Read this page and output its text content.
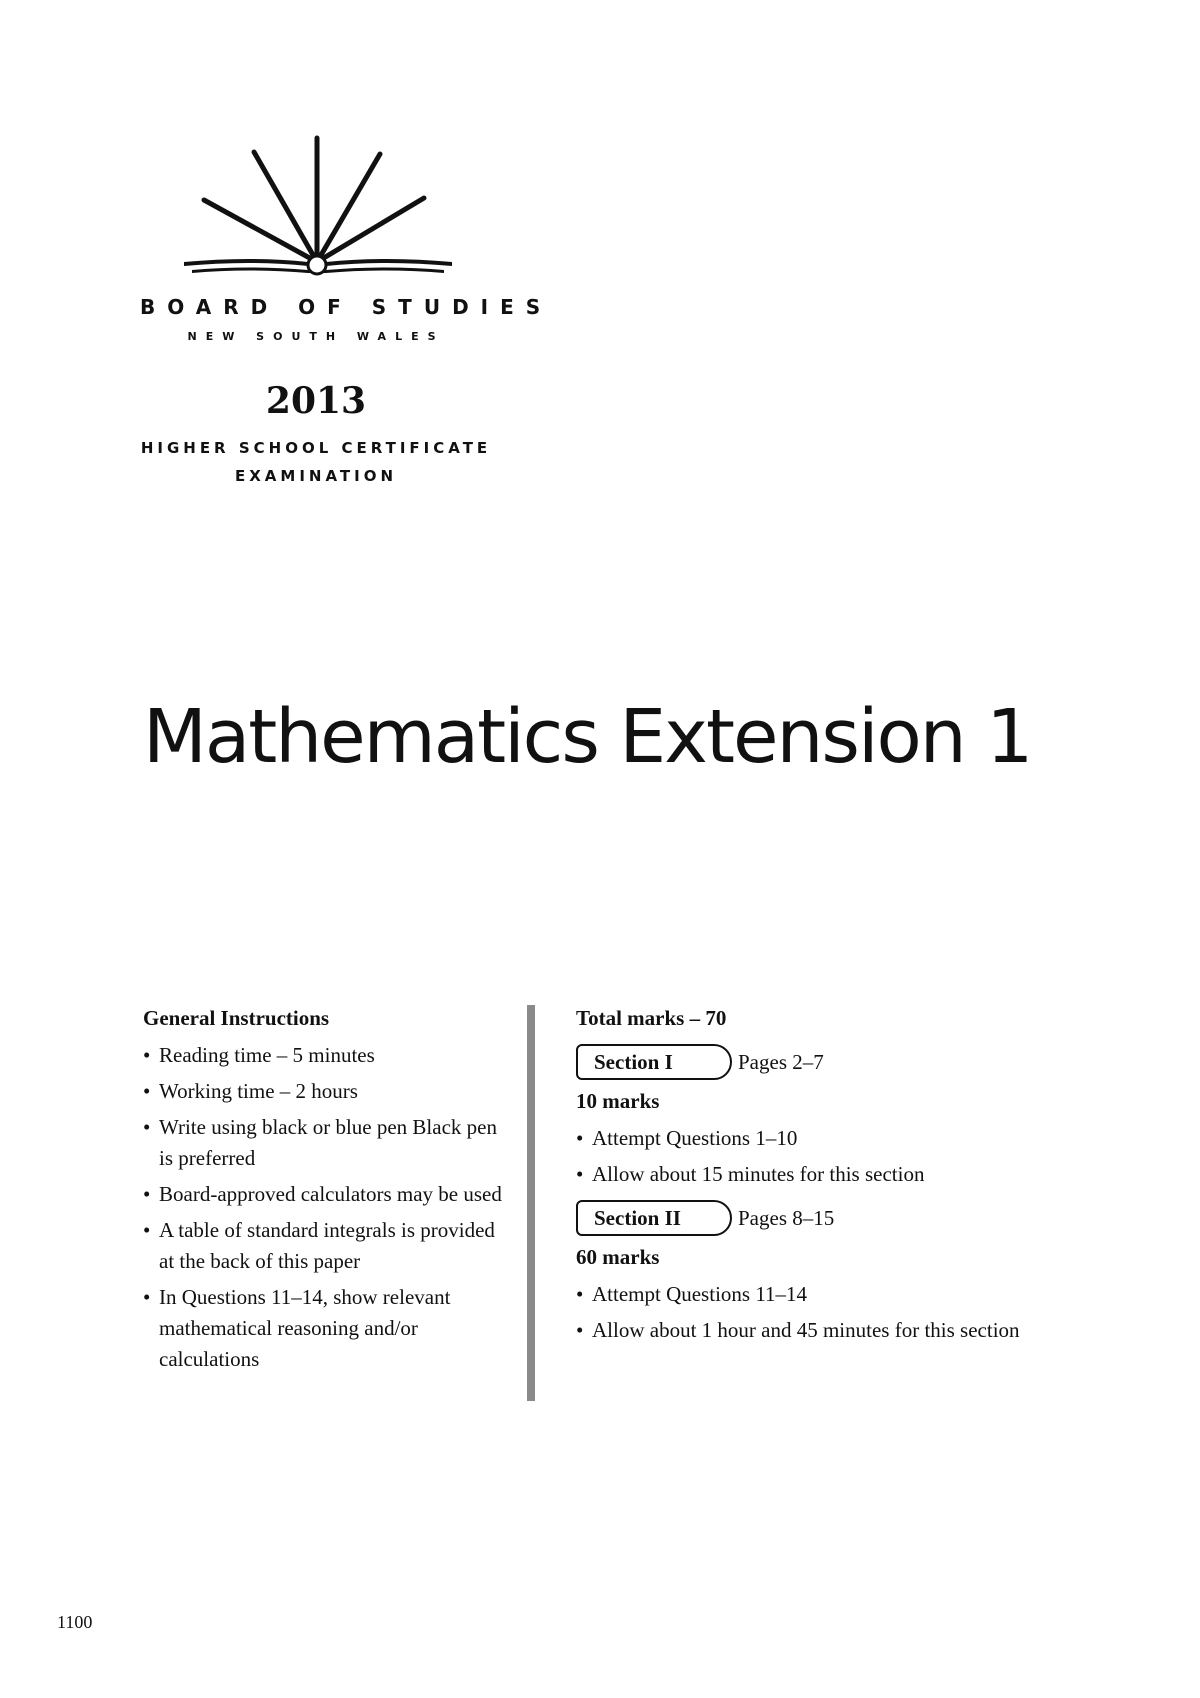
BOARD OF STUDIES
NEW SOUTH WALES
2013
HIGHER SCHOOL CERTIFICATE
EXAMINATION
Mathematics Extension 1
General Instructions
• Reading time – 5 minutes
• Working time – 2 hours
• Write using black or blue pen Black pen is preferred
• Board-approved calculators may be used
• A table of standard integrals is provided at the back of this paper
• In Questions 11–14, show relevant mathematical reasoning and/or calculations
Total marks – 70
Section I	Pages 2–7
10 marks
• Attempt Questions 1–10
• Allow about 15 minutes for this section
Section II	Pages 8–15
60 marks
• Attempt Questions 11–14
• Allow about 1 hour and 45 minutes for this section
1100
